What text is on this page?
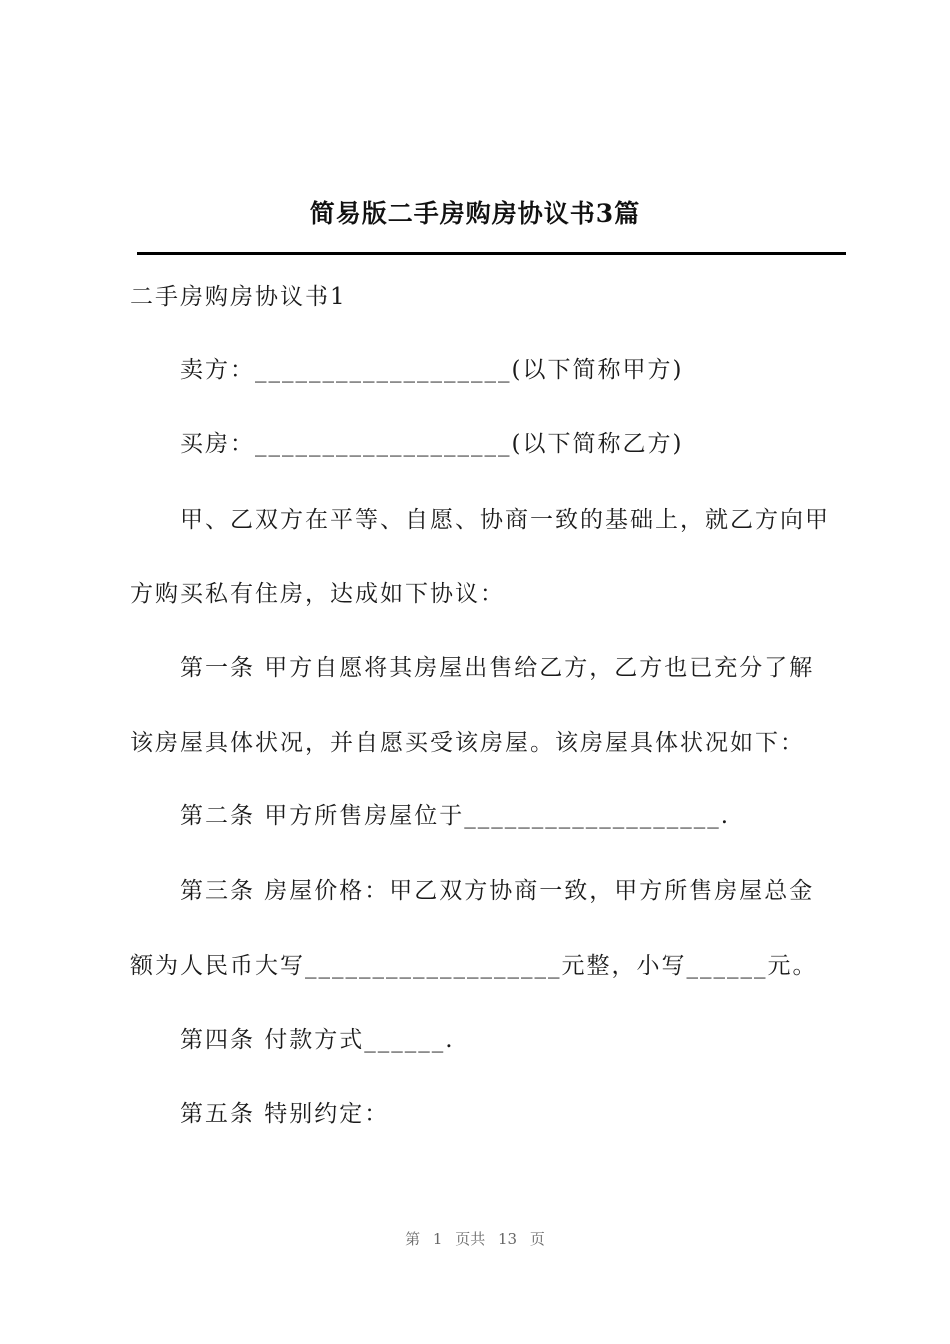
简易版二手房购房协议书3篇
二手房购房协议书1
卖方：___________________(以下简称甲方)
买房：___________________(以下简称乙方)
甲、乙双方在平等、自愿、协商一致的基础上，就乙方向甲
方购买私有住房，达成如下协议：
第一条 甲方自愿将其房屋出售给乙方，乙方也已充分了解
该房屋具体状况，并自愿买受该房屋。该房屋具体状况如下：
第二条 甲方所售房屋位于___________________.
第三条 房屋价格：甲乙双方协商一致，甲方所售房屋总金
额为人民币大写___________________元整，小写______元。
第四条 付款方式______.
第五条 特别约定：
第 1 页共 13 页
